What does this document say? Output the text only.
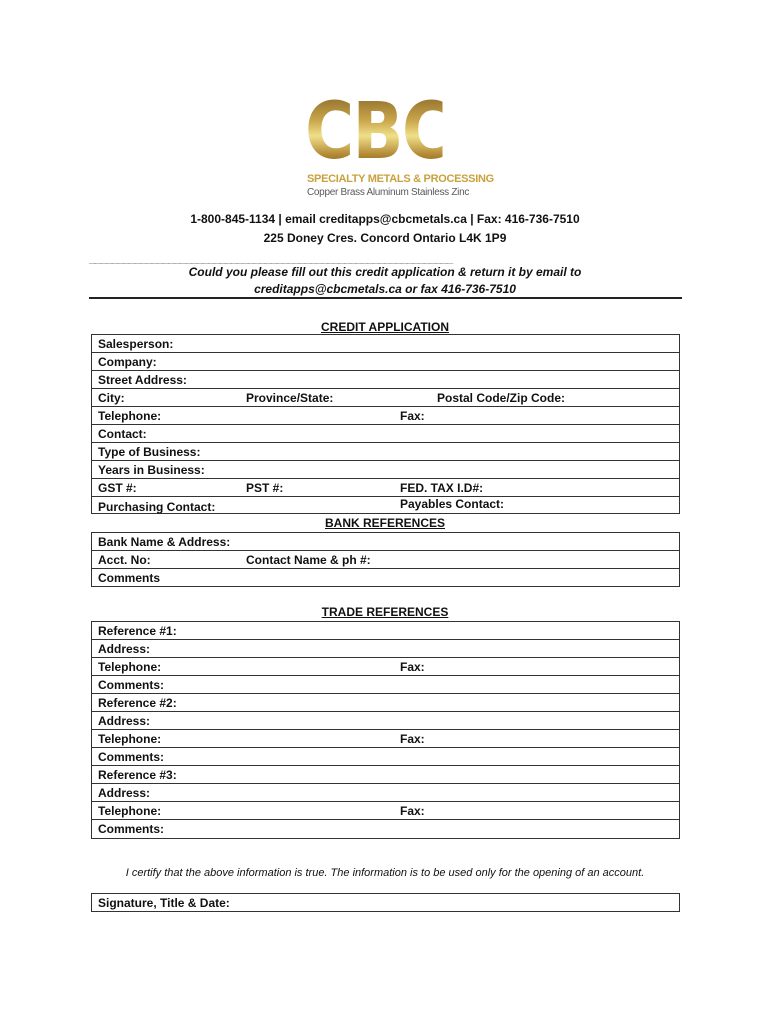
CBC
SPECIALTY METALS & PROCESSING
Copper Brass Aluminum Stainless Zinc
1-800-845-1134 | email creditapps@cbcmetals.ca | Fax: 416-736-7510
225 Doney Cres. Concord Ontario L4K 1P9
________________________________________________________________
Could you please fill out this credit application & return it by email to
creditapps@cbcmetals.ca or fax 416-736-7510
CREDIT APPLICATION
Salesperson:
Company:
Street Address:
City:	Province/State:	Postal Code/Zip Code:
Telephone:	Fax:
Contact:
Type of Business:
Years in Business:
GST #:	PST #:	FED. TAX I.D#:
Purchasing Contact:	Payables Contact:
BANK REFERENCES
Bank Name & Address:
Acct. No:	Contact Name & ph #:
Comments
TRADE REFERENCES
Reference #1:
Address:
Telephone:	Fax:
Comments:
Reference #2:
Address:
Telephone:	Fax:
Comments:
Reference #3:
Address:
Telephone:	Fax:
Comments:
I certify that the above information is true. The information is to be used only for the opening of an account.
Signature, Title & Date:
